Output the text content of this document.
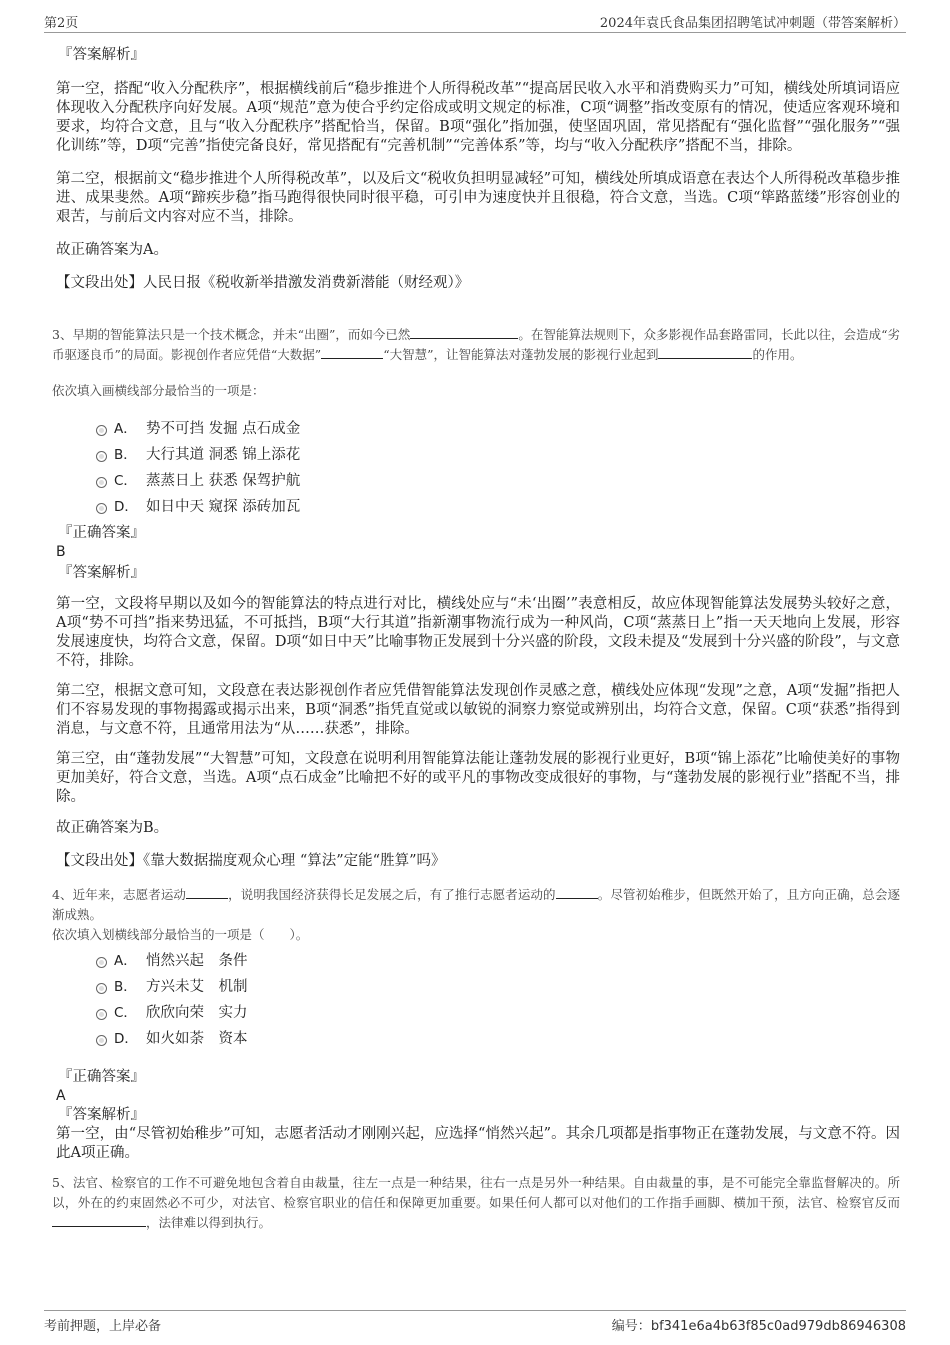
第2页	2024年袁氏食品集团招聘笔试冲刺题（带答案解析）

『答案解析』

第一空，搭配“收入分配秩序”，根据横线前后“稳步推进个人所得税改革”“提高居民收入水平和消费购买力”可知，横线处所填词语应体现收入分配秩序向好发展。A项“规范”意为使合乎约定俗成或明文规定的标准，C项“调整”指改变原有的情况，使适应客观环境和要求，均符合文意，且与“收入分配秩序”搭配恰当，保留。B项“强化”指加强，使坚固巩固，常见搭配有“强化监督”“强化服务”“强化训练”等，D项“完善”指使完备良好，常见搭配有“完善机制”“完善体系”等，均与“收入分配秩序”搭配不当，排除。

第二空，根据前文“稳步推进个人所得税改革”，以及后文“税收负担明显减轻”可知，横线处所填成语意在表达个人所得税改革稳步推进、成果斐然。A项“蹄疾步稳”指马跑得很快同时很平稳，可引申为速度快并且很稳，符合文意，当选。C项“筚路蓝缕”形容创业的艰苦，与前后文内容对应不当，排除。

故正确答案为A。

【文段出处】人民日报《税收新举措激发消费新潜能（财经观）》

3、早期的智能算法只是一个技术概念，并未“出圈”，而如今已然	。在智能算法规则下，众多影视作品套路雷同，长此以往，会造成“劣币驱逐良币”的局面。影视创作者应凭借“大数据”	“大智慧”，让智能算法对蓬勃发展的影视行业起到	的作用。

依次填入画横线部分最恰当的一项是：

A． 势不可挡 发掘 点石成金
B． 大行其道 洞悉 锦上添花
C． 蒸蒸日上 获悉 保驾护航
D． 如日中天 窥探 添砖加瓦

『正确答案』

B

『答案解析』

第一空，文段将早期以及如今的智能算法的特点进行对比，横线处应与“未‘出圈’”表意相反，故应体现智能算法发展势头较好之意，A项“势不可挡”指来势迅猛，不可抵挡，B项“大行其道”指新潮事物流行成为一种风尚，C项“蒸蒸日上”指一天天地向上发展，形容发展速度快，均符合文意，保留。D项“如日中天”比喻事物正发展到十分兴盛的阶段，文段未提及“发展到十分兴盛的阶段”，与文意不符，排除。

第二空，根据文意可知，文段意在表达影视创作者应凭借智能算法发现创作灵感之意，横线处应体现“发现”之意，A项“发掘”指把人们不容易发现的事物揭露或揭示出来，B项“洞悉”指凭直觉或以敏锐的洞察力察觉或辨别出，均符合文意，保留。C项“获悉”指得到消息，与文意不符，且通常用法为“从……获悉”，排除。

第三空，由“蓬勃发展”“大智慧”可知，文段意在说明利用智能算法能让蓬勃发展的影视行业更好，B项“锦上添花”比喻使美好的事物更加美好，符合文意，当选。A项“点石成金”比喻把不好的或平凡的事物改变成很好的事物，与“蓬勃发展的影视行业”搭配不当，排除。

故正确答案为B。

【文段出处】《靠大数据揣度观众心理 “算法”定能“胜算”吗》

4、近年来，志愿者运动	，说明我国经济获得长足发展之后，有了推行志愿者运动的	。尽管初始稚步，但既然开始了，且方向正确，总会逐渐成熟。

依次填入划横线部分最恰当的一项是（　　）。

A． 悄然兴起　条件
B． 方兴未艾　机制
C． 欣欣向荣　实力
D． 如火如荼　资本

『正确答案』

A

『答案解析』

第一空，由“尽管初始稚步”可知，志愿者活动才刚刚兴起，应选择“悄然兴起”。其余几项都是指事物正在蓬勃发展，与文意不符。因此A项正确。

5、法官、检察官的工作不可避免地包含着自由裁量，往左一点是一种结果，往右一点是另外一种结果。自由裁量的事，是不可能完全靠监督解决的。所以，外在的约束固然必不可少，对法官、检察官职业的信任和保障更加重要。如果任何人都可以对他们的工作指手画脚、横加干预，法官、检察官反而，法律难以得到执行。

考前押题，上岸必备	编号：bf341e6a4b63f85c0ad979db86946308
